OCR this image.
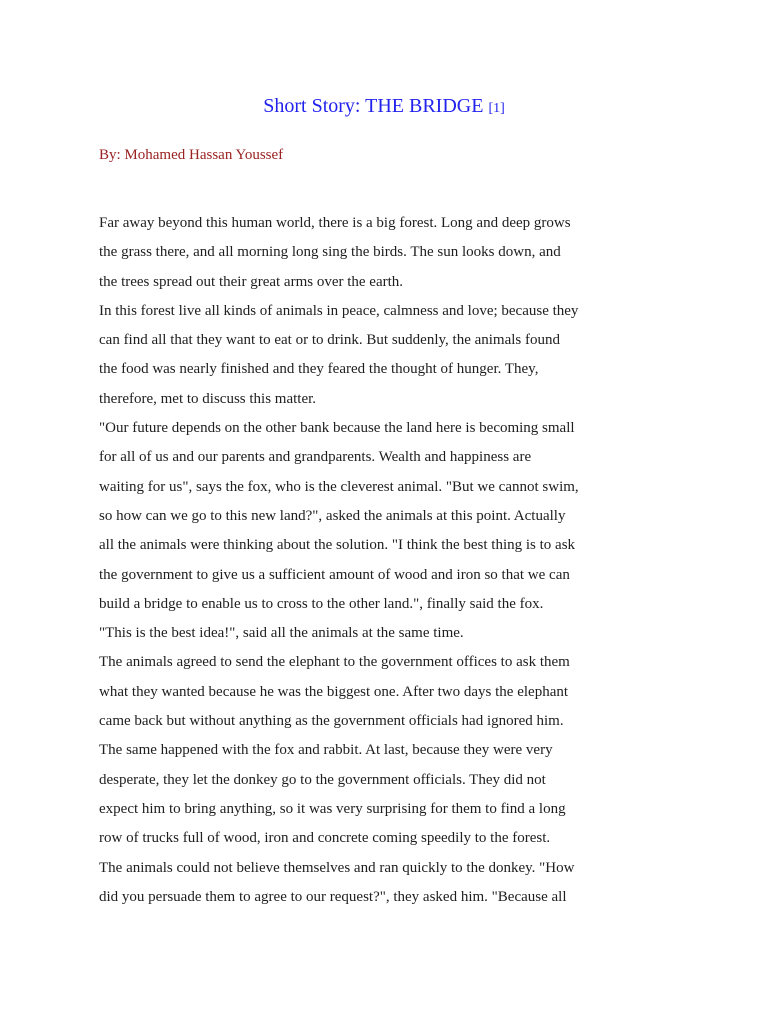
Short Story: THE BRIDGE [1]
By: Mohamed Hassan Youssef
Far away beyond this human world, there is a big forest. Long and deep grows
the grass there, and all morning long sing the birds. The sun looks down, and
the trees spread out their great arms over the earth.
In this forest live all kinds of animals in peace, calmness and love; because they
can find all that they want to eat or to drink. But suddenly, the animals found
the food was nearly finished and they feared the thought of hunger. They,
therefore, met to discuss this matter.
"Our future depends on the other bank because the land here is becoming small
for all of us and our parents and grandparents. Wealth and happiness are
waiting for us", says the fox, who is the cleverest animal. "But we cannot swim,
so how can we go to this new land?", asked the animals at this point. Actually
all the animals were thinking about the solution. "I think the best thing is to ask
the government to give us a sufficient amount of wood and iron so that we can
build a bridge to enable us to cross to the other land.", finally said the fox.
"This is the best idea!", said all the animals at the same time.
The animals agreed to send the elephant to the government offices to ask them
what they wanted because he was the biggest one. After two days the elephant
came back but without anything as the government officials had ignored him.
The same happened with the fox and rabbit. At last, because they were very
desperate, they let the donkey go to the government officials. They did not
expect him to bring anything, so it was very surprising for them to find a long
row of trucks full of wood, iron and concrete coming speedily to the forest.
The animals could not believe themselves and ran quickly to the donkey. "How
did you persuade them to agree to our request?", they asked him. "Because all
